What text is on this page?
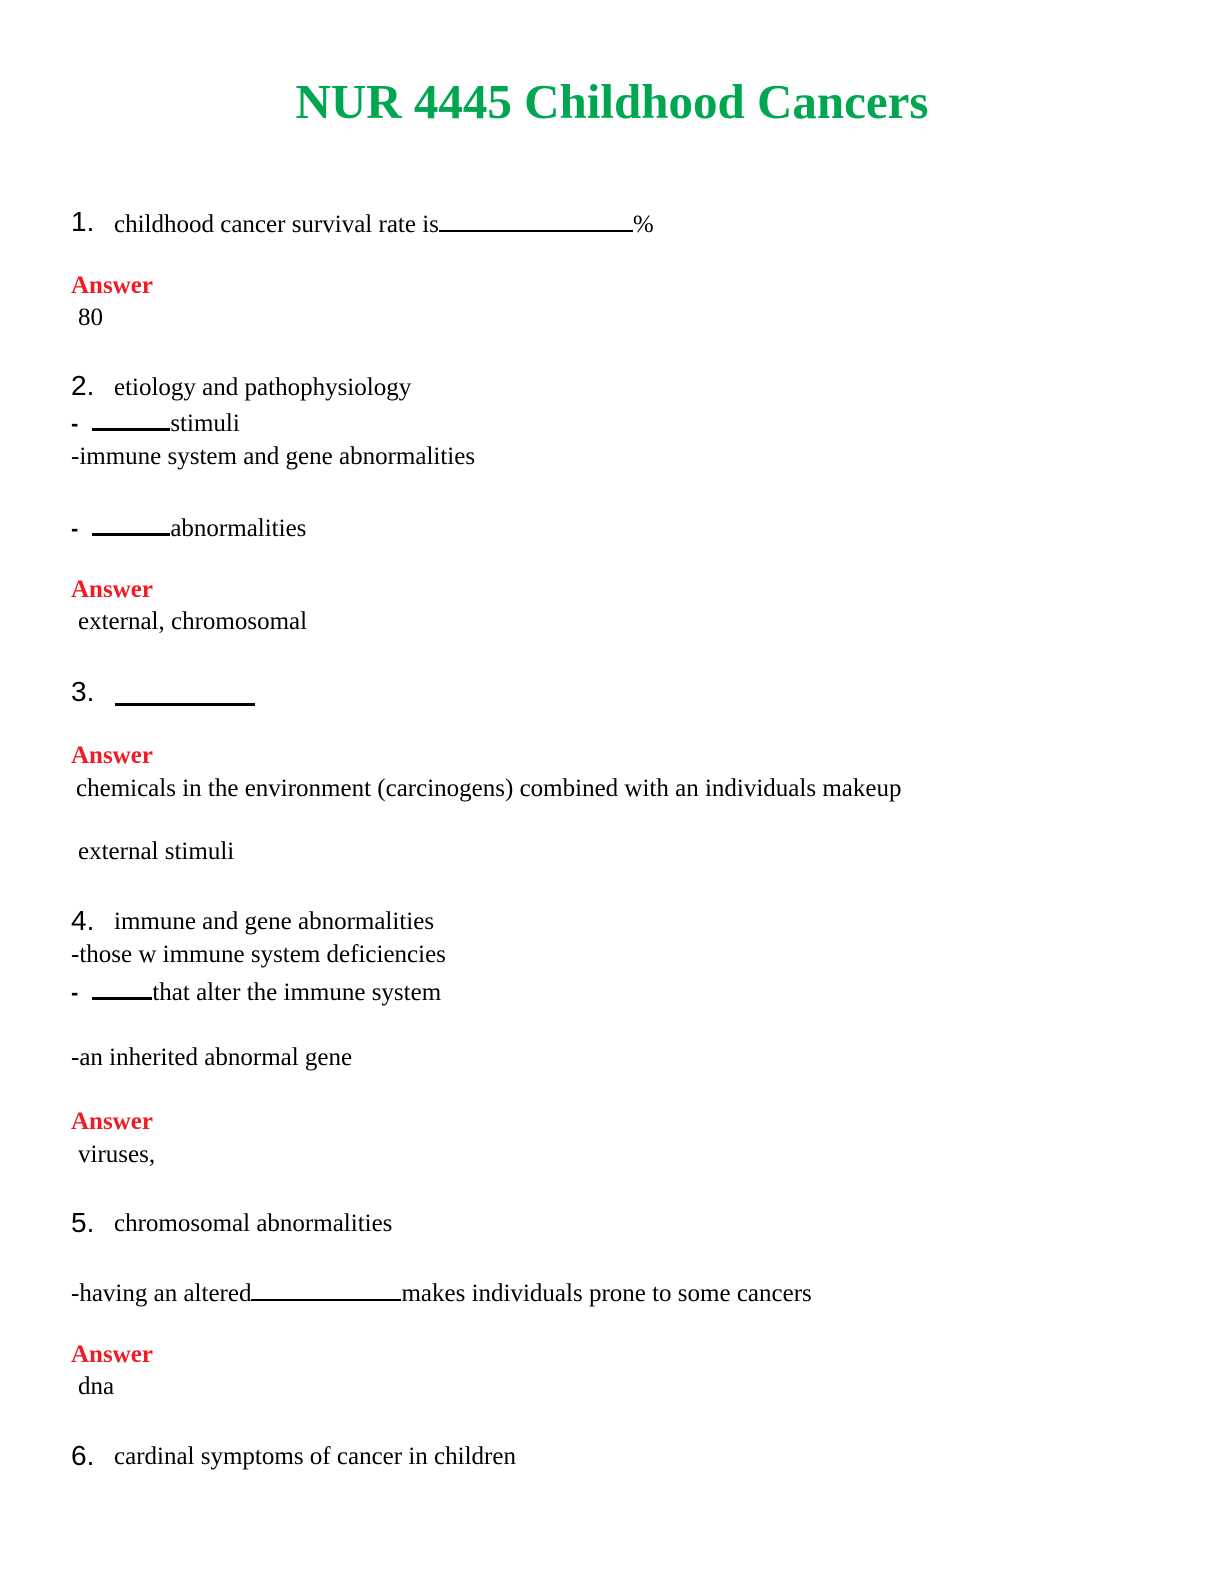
NUR 4445 Childhood Cancers
1. childhood cancer survival rate is	%
Answer
80
2. etiology and pathophysiology
-	stimuli
-immune system and gene abnormalities
-	abnormalities
Answer
external, chromosomal
3.
Answer
chemicals in the environment (carcinogens) combined with an individuals makeup
external stimuli
4. immune and gene abnormalities
-those w immune system deficiencies
-	that alter the immune system
-an inherited abnormal gene
Answer
viruses,
5. chromosomal abnormalities
-having an altered	makes individuals prone to some cancers
Answer
dna
6. cardinal symptoms of cancer in children
